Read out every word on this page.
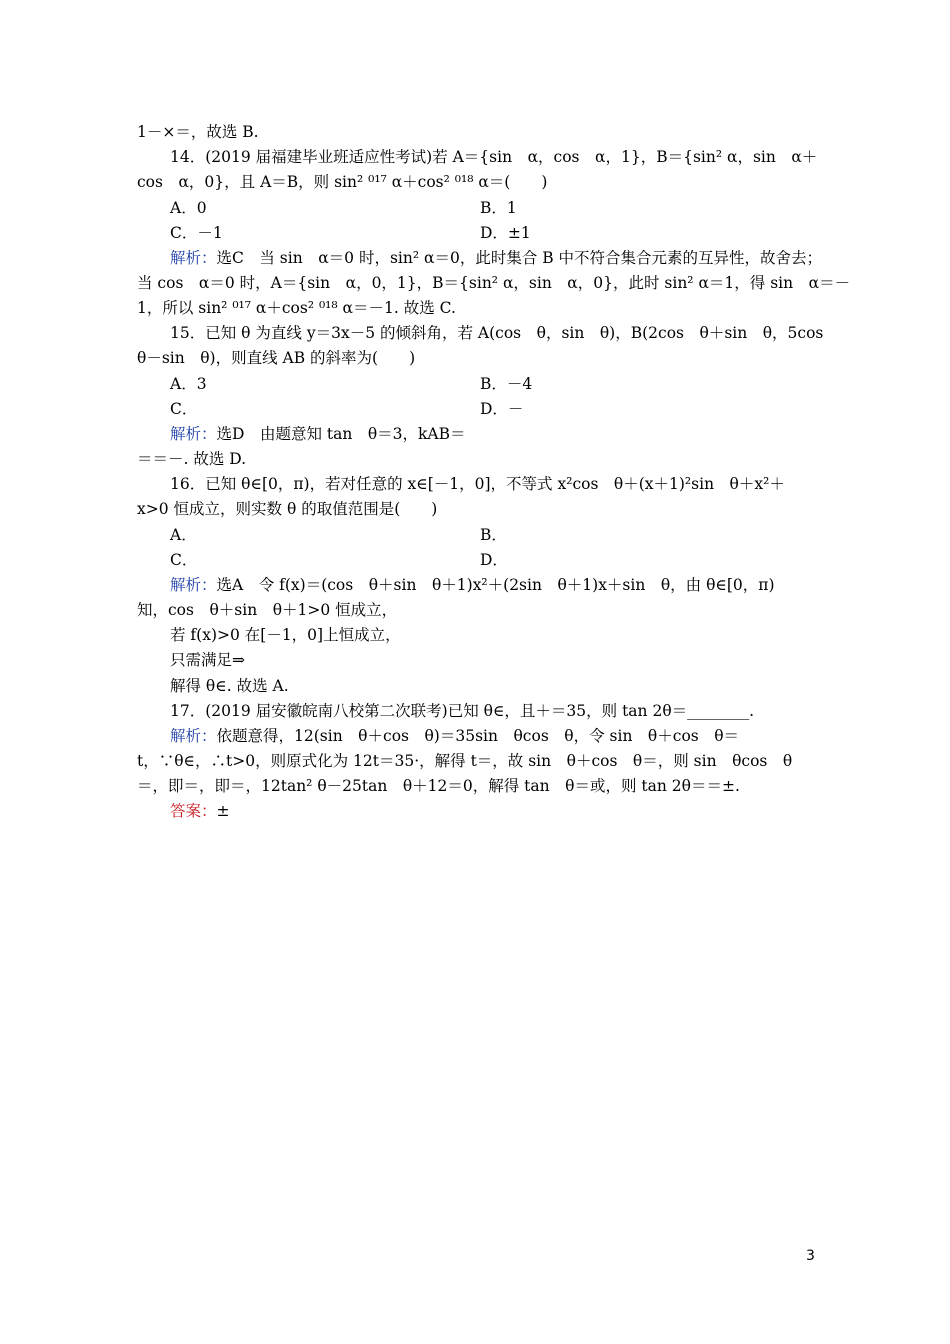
1－×＝，故选 B.
14．(2019 届福建毕业班适应性考试)若 A＝{sin　α，cos　α，1}，B＝{sin² α，sin　α＋
cos　α，0}，且 A＝B，则 sin² ⁰¹⁷ α＋cos² ⁰¹⁸ α＝(　　)
A．0	B．1
C．－1	D．±1
解析：选C　当 sin　α＝0 时，sin² α＝0，此时集合 B 中不符合集合元素的互异性，故舍去；
当 cos　α＝0 时，A＝{sin　α，0，1}，B＝{sin² α，sin　α，0}，此时 sin² α＝1，得 sin　α＝－
1，所以 sin² ⁰¹⁷ α＋cos² ⁰¹⁸ α＝－1. 故选 C.
15．已知 θ 为直线 y＝3x－5 的倾斜角，若 A(cos　θ，sin　θ)，B(2cos　θ＋sin　θ，5cos
θ－sin　θ)，则直线 AB 的斜率为(　　)
A．3	B．－4
C．	D．－
解析：选D　由题意知 tan　θ＝3，kAB＝
＝＝－. 故选 D.
16．已知 θ∈[0，π)，若对任意的 x∈[－1，0]，不等式 x²cos　θ＋(x＋1)²sin　θ＋x²＋
x>0 恒成立，则实数 θ 的取值范围是(　　)
A．	B．
C．	D．
解析：选A　令 f(x)＝(cos　θ＋sin　θ＋1)x²＋(2sin　θ＋1)x＋sin　θ，由 θ∈[0，π)
知，cos　θ＋sin　θ＋1>0 恒成立，
若 f(x)>0 在[－1，0]上恒成立，
只需满足⇒
解得 θ∈. 故选 A.
17．(2019 届安徽皖南八校第二次联考)已知 θ∈，且＋＝35，则 tan 2θ＝________.
解析：依题意得，12(sin　θ＋cos　θ)＝35sin　θcos　θ，令 sin　θ＋cos　θ＝
t，∵θ∈，∴t>0，则原式化为 12t＝35·，解得 t＝，故 sin　θ＋cos　θ＝，则 sin　θcos　θ
＝，即＝，即＝，12tan² θ－25tan　θ＋12＝0，解得 tan　θ＝或，则 tan 2θ＝＝±.
答案：±
3
